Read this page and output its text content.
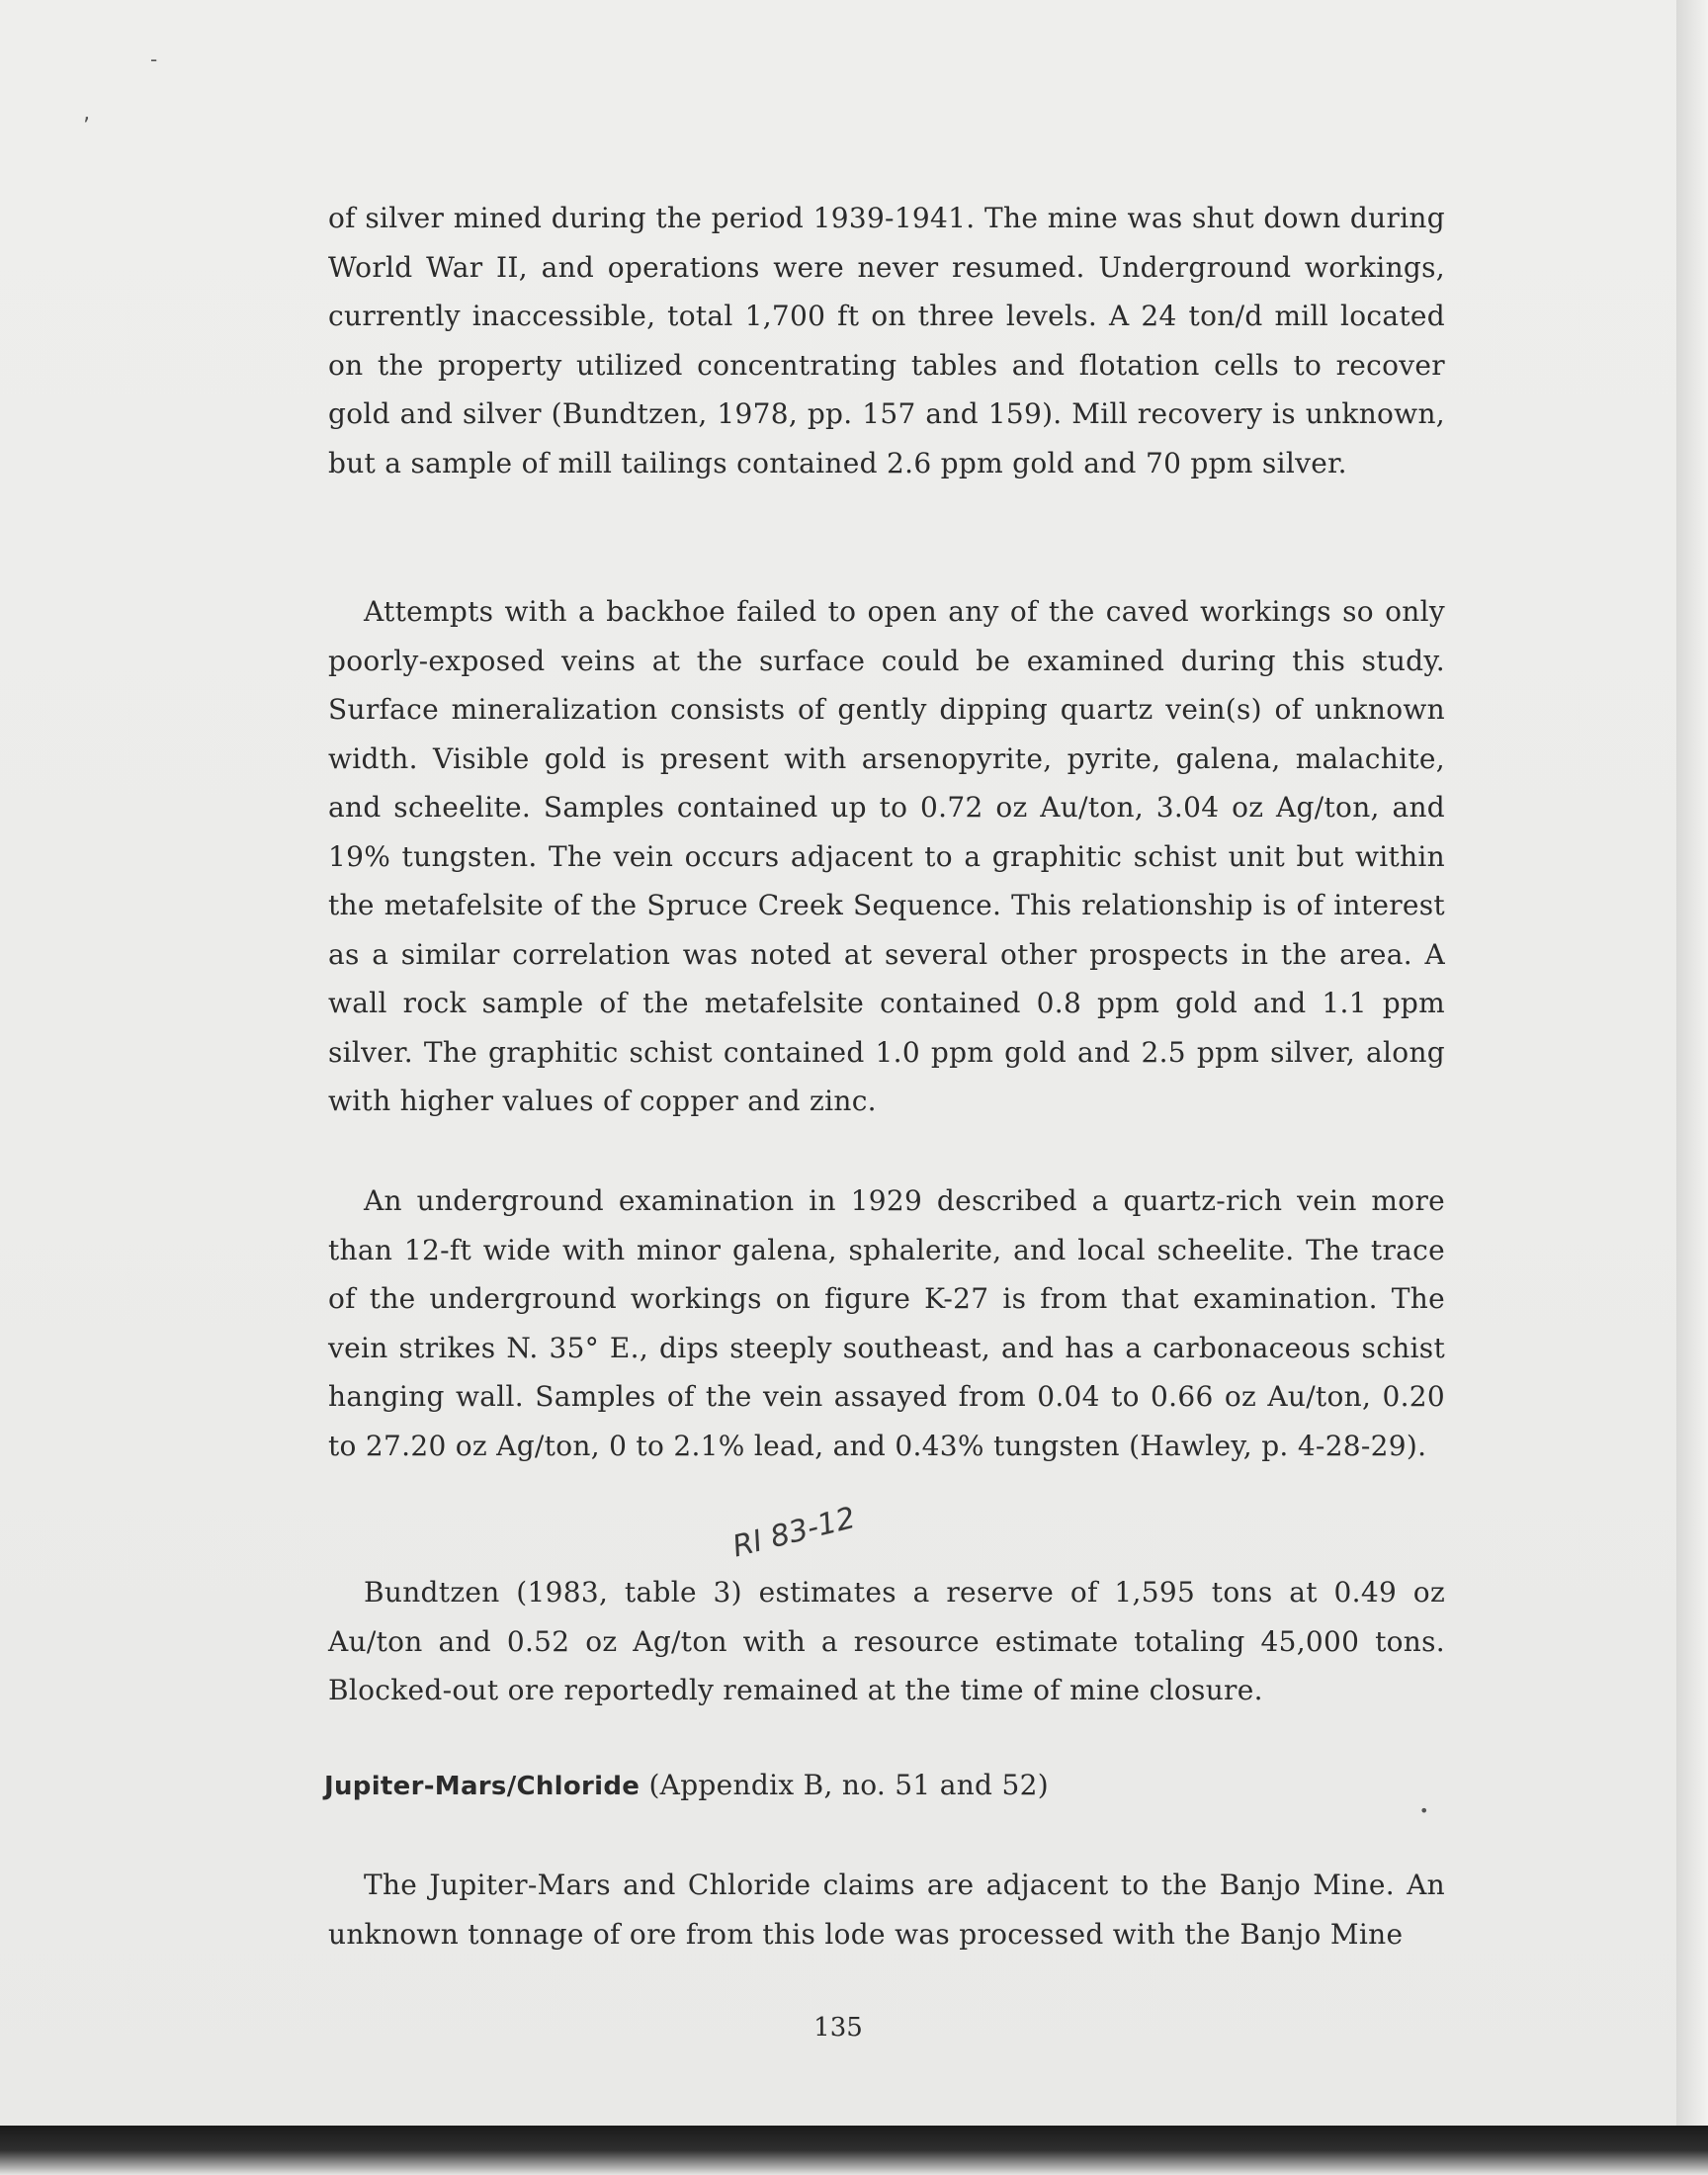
-
‚
•

of silver mined during the period 1939-1941. The mine was shut down during World War II, and operations were never resumed. Underground workings, currently inaccessible, total 1,700 ft on three levels. A 24 ton/d mill located on the property utilized concentrating tables and flotation cells to recover gold and silver (Bundtzen, 1978, pp. 157 and 159). Mill recovery is unknown, but a sample of mill tailings contained 2.6 ppm gold and 70 ppm silver.

Attempts with a backhoe failed to open any of the caved workings so only poorly-exposed veins at the surface could be examined during this study. Surface mineralization consists of gently dipping quartz vein(s) of unknown width. Visible gold is present with arsenopyrite, pyrite, galena, malachite, and scheelite. Samples contained up to 0.72 oz Au/ton, 3.04 oz Ag/ton, and 19% tungsten. The vein occurs adjacent to a graphitic schist unit but within the metafelsite of the Spruce Creek Sequence. This relationship is of interest as a similar correlation was noted at several other prospects in the area. A wall rock sample of the metafelsite contained 0.8 ppm gold and 1.1 ppm silver. The graphitic schist contained 1.0 ppm gold and 2.5 ppm silver, along with higher values of copper and zinc.

An underground examination in 1929 described a quartz-rich vein more than 12-ft wide with minor galena, sphalerite, and local scheelite. The trace of the underground workings on figure K-27 is from that examination. The vein strikes N. 35° E., dips steeply southeast, and has a carbonaceous schist hanging wall. Samples of the vein assayed from 0.04 to 0.66 oz Au/ton, 0.20 to 27.20 oz Ag/ton, 0 to 2.1% lead, and 0.43% tungsten (Hawley, p. 4-28-29).

RI 83-12

Bundtzen (1983, table 3) estimates a reserve of 1,595 tons at 0.49 oz Au/ton and 0.52 oz Ag/ton with a resource estimate totaling 45,000 tons. Blocked-out ore reportedly remained at the time of mine closure.

Jupiter-Mars/Chloride (Appendix B, no. 51 and 52)

The Jupiter-Mars and Chloride claims are adjacent to the Banjo Mine. An unknown tonnage of ore from this lode was processed with the Banjo Mine

135
